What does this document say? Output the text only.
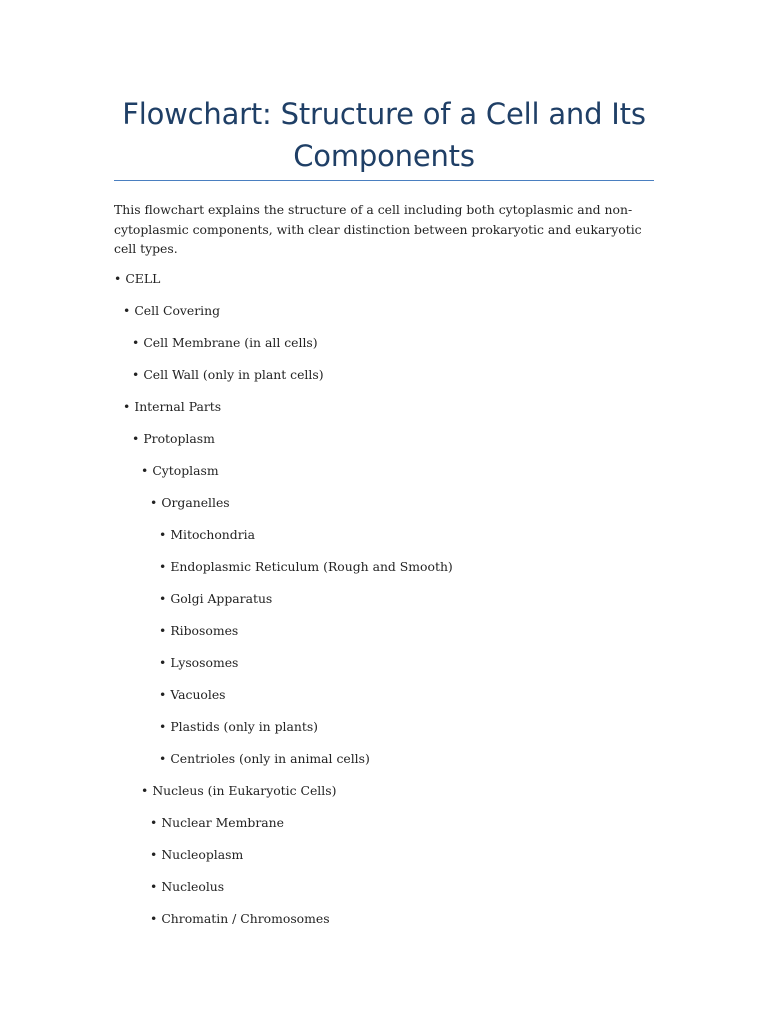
Flowchart: Structure of a Cell and Its Components

This flowchart explains the structure of a cell including both cytoplasmic and non-cytoplasmic components, with clear distinction between prokaryotic and eukaryotic cell types.

• CELL
• Cell Covering
• Cell Membrane (in all cells)
• Cell Wall (only in plant cells)
• Internal Parts
• Protoplasm
• Cytoplasm
• Organelles
• Mitochondria
• Endoplasmic Reticulum (Rough and Smooth)
• Golgi Apparatus
• Ribosomes
• Lysosomes
• Vacuoles
• Plastids (only in plants)
• Centrioles (only in animal cells)
• Nucleus (in Eukaryotic Cells)
• Nuclear Membrane
• Nucleoplasm
• Nucleolus
• Chromatin / Chromosomes
